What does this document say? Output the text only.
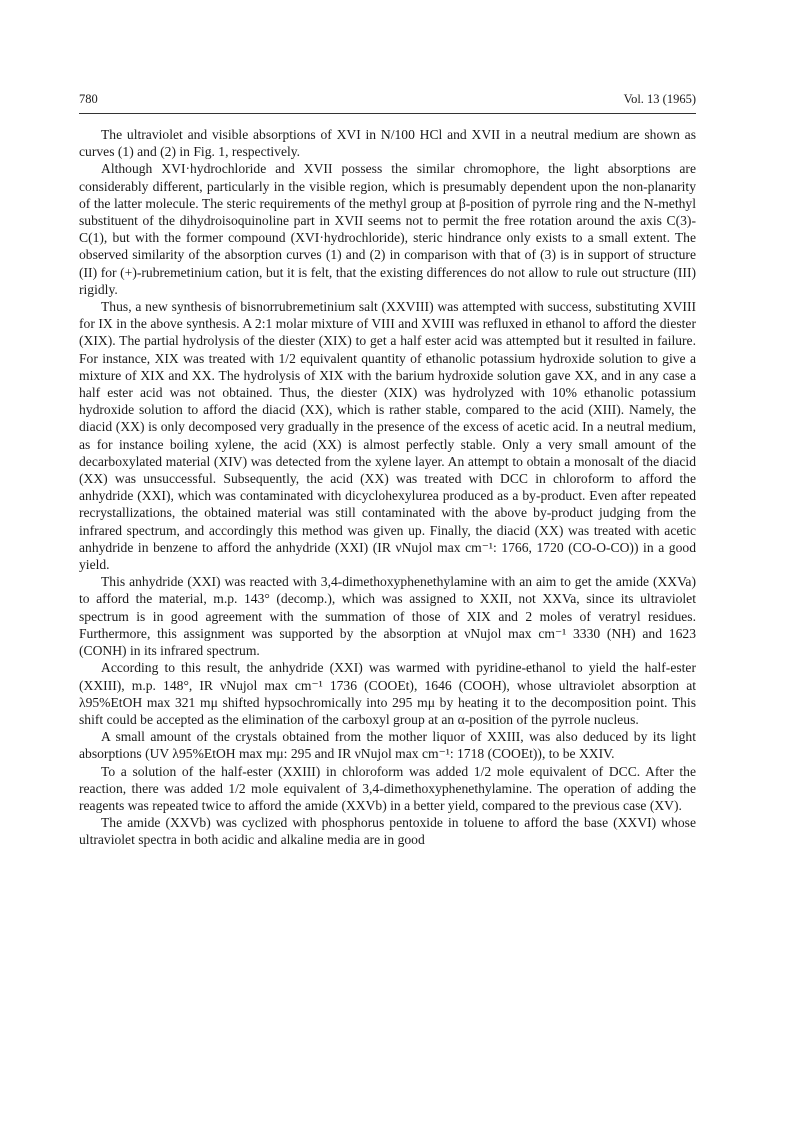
780	Vol. 13 (1965)

The ultraviolet and visible absorptions of XVI in N/100 HCl and XVII in a neutral medium are shown as curves (1) and (2) in Fig. 1, respectively.

Although XVI·hydrochloride and XVII possess the similar chromophore, the light absorptions are considerably different, particularly in the visible region, which is presumably dependent upon the non-planarity of the latter molecule. The steric requirements of the methyl group at β-position of pyrrole ring and the N-methyl substituent of the dihydroisoquinoline part in XVII seems not to permit the free rotation around the axis C(3)-C(1), but with the former compound (XVI·hydrochloride), steric hindrance only exists to a small extent. The observed similarity of the absorption curves (1) and (2) in comparison with that of (3) is in support of structure (II) for (+)-rubremetinium cation, but it is felt, that the existing differences do not allow to rule out structure (III) rigidly.

Thus, a new synthesis of bisnorrubremetinium salt (XXVIII) was attempted with success, substituting XVIII for IX in the above synthesis. A 2:1 molar mixture of VIII and XVIII was refluxed in ethanol to afford the diester (XIX). The partial hydrolysis of the diester (XIX) to get a half ester acid was attempted but it resulted in failure. For instance, XIX was treated with 1/2 equivalent quantity of ethanolic potassium hydroxide solution to give a mixture of XIX and XX. The hydrolysis of XIX with the barium hydroxide solution gave XX, and in any case a half ester acid was not obtained. Thus, the diester (XIX) was hydrolyzed with 10% ethanolic potassium hydroxide solution to afford the diacid (XX), which is rather stable, compared to the acid (XIII). Namely, the diacid (XX) is only decomposed very gradually in the presence of the excess of acetic acid. In a neutral medium, as for instance boiling xylene, the acid (XX) is almost perfectly stable. Only a very small amount of the decarboxylated material (XIV) was detected from the xylene layer. An attempt to obtain a monosalt of the diacid (XX) was unsuccessful. Subsequently, the acid (XX) was treated with DCC in chloroform to afford the anhydride (XXI), which was contaminated with dicyclohexylurea produced as a by-product. Even after repeated recrystallizations, the obtained material was still contaminated with the above by-product judging from the infrared spectrum, and accordingly this method was given up. Finally, the diacid (XX) was treated with acetic anhydride in benzene to afford the anhydride (XXI) (IR νNujol max cm⁻¹: 1766, 1720 (CO-O-CO)) in a good yield.

This anhydride (XXI) was reacted with 3,4-dimethoxyphenethylamine with an aim to get the amide (XXVa) to afford the material, m.p. 143° (decomp.), which was assigned to XXII, not XXVa, since its ultraviolet spectrum is in good agreement with the summation of those of XIX and 2 moles of veratryl residues. Furthermore, this assignment was supported by the absorption at νNujol max cm⁻¹ 3330 (NH) and 1623 (CONH) in its infrared spectrum.

According to this result, the anhydride (XXI) was warmed with pyridine-ethanol to yield the half-ester (XXIII), m.p. 148°, IR νNujol max cm⁻¹ 1736 (COOEt), 1646 (COOH), whose ultraviolet absorption at λ95%EtOH max 321 mμ shifted hypsochromically into 295 mμ by heating it to the decomposition point. This shift could be accepted as the elimination of the carboxyl group at an α-position of the pyrrole nucleus.

A small amount of the crystals obtained from the mother liquor of XXIII, was also deduced by its light absorptions (UV λ95%EtOH max mμ: 295 and IR νNujol max cm⁻¹: 1718 (COOEt)), to be XXIV.

To a solution of the half-ester (XXIII) in chloroform was added 1/2 mole equivalent of DCC. After the reaction, there was added 1/2 mole equivalent of 3,4-dimethoxyphenethylamine. The operation of adding the reagents was repeated twice to afford the amide (XXVb) in a better yield, compared to the previous case (XV).

The amide (XXVb) was cyclized with phosphorus pentoxide in toluene to afford the base (XXVI) whose ultraviolet spectra in both acidic and alkaline media are in good
